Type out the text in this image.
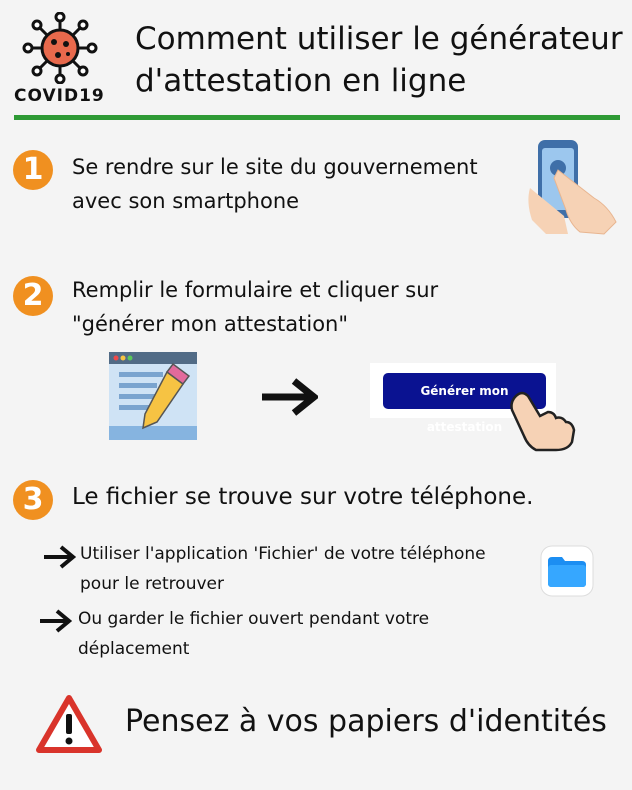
COVID19
Comment utiliser le générateur
d'attestation en ligne
1	Se rendre sur le site du gouvernement
avec son smartphone
2	Remplir le formulaire et cliquer sur
"générer mon attestation"
Générer mon attestation
3	Le fichier se trouve sur votre téléphone.
Utiliser l'application 'Fichier' de votre téléphone
pour le retrouver
Ou garder le fichier ouvert pendant votre
déplacement
Pensez à vos papiers d'identités
